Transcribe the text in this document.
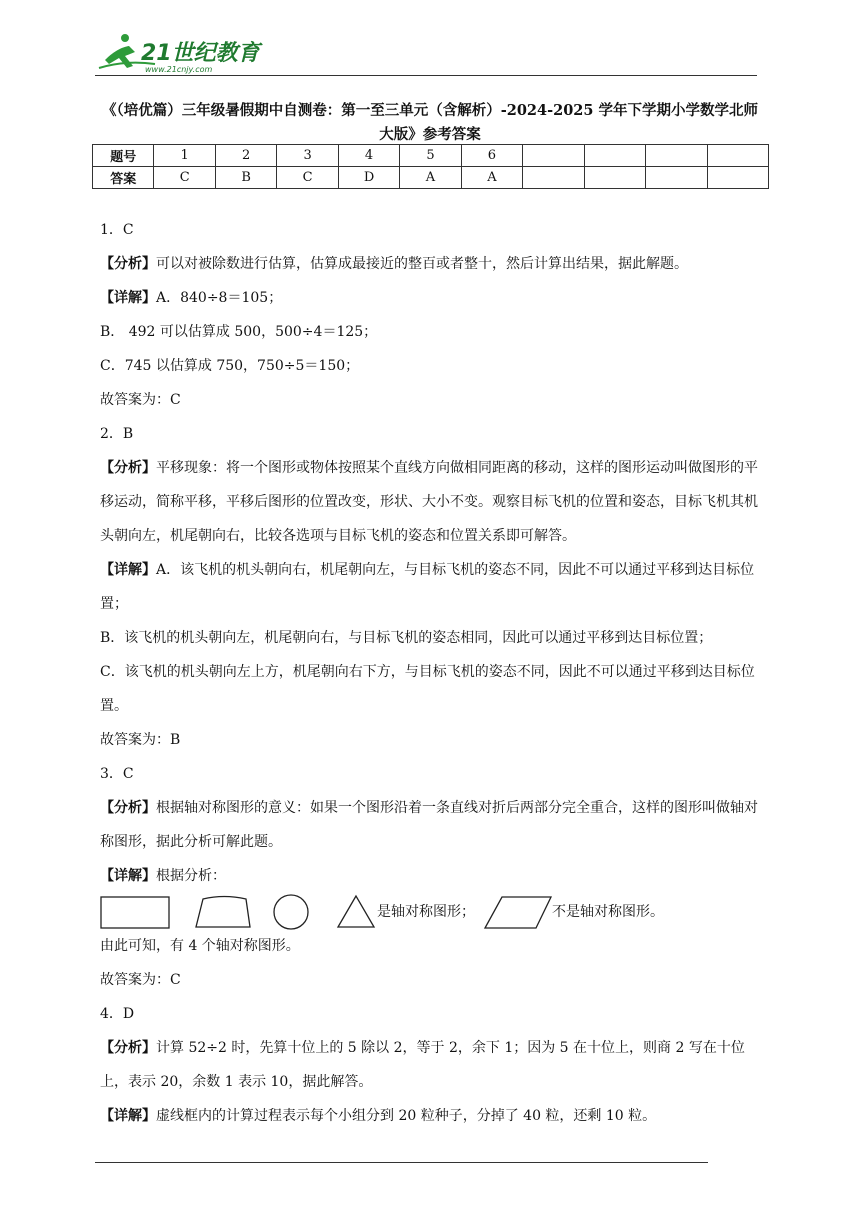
21世纪教育
www.21cnjy.com
《（培优篇）三年级暑假期中自测卷：第一至三单元（含解析）-2024-2025 学年下学期小学数学北师大版》参考答案
题号	1	2	3	4	5	6				
答案	C	B	C	D	A	A				

1．C

【分析】可以对被除数进行估算，估算成最接近的整百或者整十，然后计算出结果，据此解题。

【详解】A．840÷8＝105；

B． 492 可以估算成 500，500÷4＝125；

C．745 以估算成 750，750÷5＝150；

故答案为：C

2．B

【分析】平移现象：将一个图形或物体按照某个直线方向做相同距离的移动，这样的图形运动叫做图形的平移运动，简称平移，平移后图形的位置改变，形状、大小不变。观察目标飞机的位置和姿态，目标飞机其机头朝向左，机尾朝向右，比较各选项与目标飞机的姿态和位置关系即可解答。

【详解】A．该飞机的机头朝向右，机尾朝向左，与目标飞机的姿态不同，因此不可以通过平移到达目标位置；

B．该飞机的机头朝向左，机尾朝向右，与目标飞机的姿态相同，因此可以通过平移到达目标位置；

C．该飞机的机头朝向左上方，机尾朝向右下方，与目标飞机的姿态不同，因此不可以通过平移到达目标位置。

故答案为：B

3．C

【分析】根据轴对称图形的意义：如果一个图形沿着一条直线对折后两部分完全重合，这样的图形叫做轴对称图形，据此分析可解此题。

【详解】根据分析：

是轴对称图形；	不是轴对称图形。

由此可知，有 4 个轴对称图形。

故答案为：C

4．D

【分析】计算 52÷2 时，先算十位上的 5 除以 2，等于 2，余下 1；因为 5 在十位上，则商 2 写在十位上，表示 20，余数 1 表示 10，据此解答。

【详解】虚线框内的计算过程表示每个小组分到 20 粒种子，分掉了 40 粒，还剩 10 粒。
